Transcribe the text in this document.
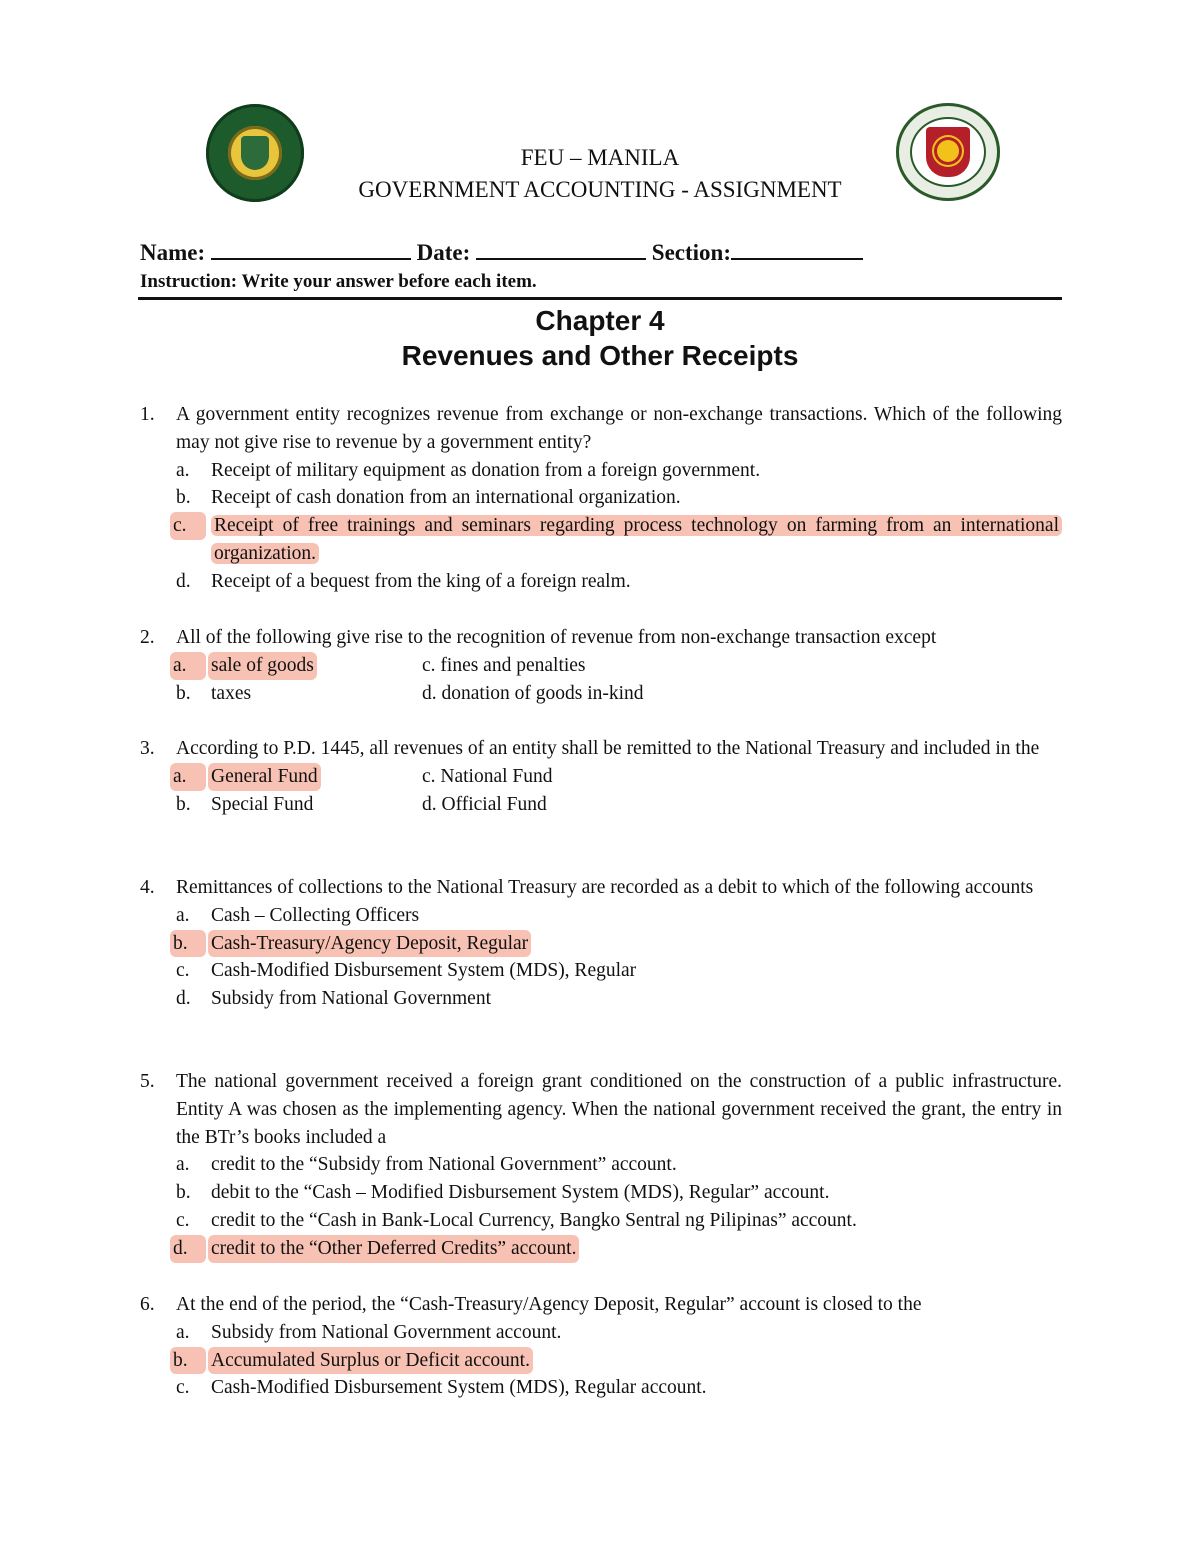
FEU – MANILA
GOVERNMENT ACCOUNTING - ASSIGNMENT
Name:	Date:	Section:
Instruction: Write your answer before each item.
Chapter 4
Revenues and Other Receipts
1.	A government entity recognizes revenue from exchange or non-exchange transactions. Which of the following may not give rise to revenue by a government entity?
a.	Receipt of military equipment as donation from a foreign government.
b.	Receipt of cash donation from an international organization.
c.	Receipt of free trainings and seminars regarding process technology on farming from an international organization.
d.	Receipt of a bequest from the king of a foreign realm.
2.	All of the following give rise to the recognition of revenue from non-exchange transaction except
a.	sale of goods	c. fines and penalties
b.	taxes	d. donation of goods in-kind
3.	According to P.D. 1445, all revenues of an entity shall be remitted to the National Treasury and included in the
a.	General Fund	c. National Fund
b.	Special Fund	d. Official Fund
4.	Remittances of collections to the National Treasury are recorded as a debit to which of the following accounts
a.	Cash – Collecting Officers
b.	Cash-Treasury/Agency Deposit, Regular
c.	Cash-Modified Disbursement System (MDS), Regular
d.	Subsidy from National Government
5.	The national government received a foreign grant conditioned on the construction of a public infrastructure. Entity A was chosen as the implementing agency. When the national government received the grant, the entry in the BTr’s books included a
a.	credit to the “Subsidy from National Government” account.
b.	debit to the “Cash – Modified Disbursement System (MDS), Regular” account.
c.	credit to the “Cash in Bank-Local Currency, Bangko Sentral ng Pilipinas” account.
d.	credit to the “Other Deferred Credits” account.
6.	At the end of the period, the “Cash-Treasury/Agency Deposit, Regular” account is closed to the
a.	Subsidy from National Government account.
b.	Accumulated Surplus or Deficit account.
c.	Cash-Modified Disbursement System (MDS), Regular account.
